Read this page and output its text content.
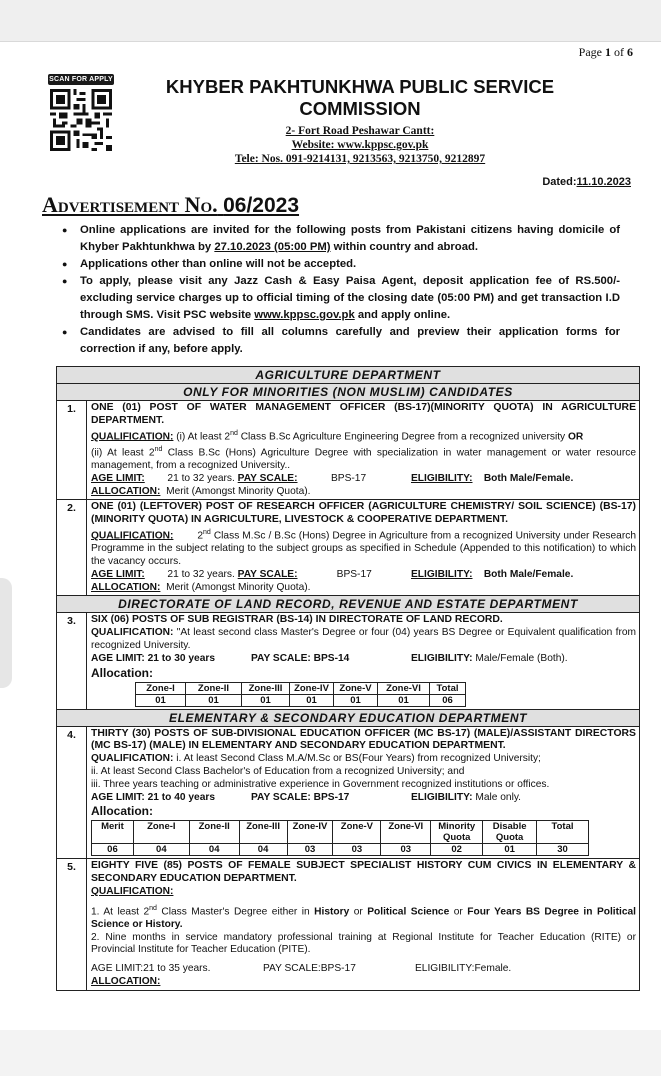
Page 1 of 6
SCAN FOR APPLY	KHYBER PAKHTUNKHWA PUBLIC SERVICE
COMMISSION
2- Fort Road Peshawar Cantt:
Website: www.kppsc.gov.pk
Tele: Nos. 091-9214131, 9213563, 9213750, 9212897
Dated:11.10.2023
Advertisement No. 06/2023
● Online applications are invited for the following posts from Pakistani citizens having domicile of Khyber Pakhtunkhwa by 27.10.2023 (05:00 PM) within country and abroad.
● Applications other than online will not be accepted.
● To apply, please visit any Jazz Cash & Easy Paisa Agent, deposit application fee of RS.500/- excluding service charges up to official timing of the closing date (05:00 PM) and get transaction I.D through SMS. Visit PSC website www.kppsc.gov.pk and apply online.
● Candidates are advised to fill all columns carefully and preview their application forms for correction if any, before apply.
AGRICULTURE DEPARTMENT
ONLY FOR MINORITIES (NON MUSLIM) CANDIDATES
1.	ONE (01) POST OF WATER MANAGEMENT OFFICER (BS-17)(MINORITY QUOTA) IN AGRICULTURE DEPARTMENT.
QUALIFICATION: (i) At least 2nd Class B.Sc Agriculture Engineering Degree from a recognized university OR
(ii) At least 2nd Class B.Sc (Hons) Agriculture Degree with specialization in water management or water resource management, from a recognized University..
AGE LIMIT: 21 to 32 years. PAY SCALE:	BPS-17	ELIGIBILITY: Both Male/Female.
ALLOCATION: Merit (Amongst Minority Quota).

2.	ONE (01) (LEFTOVER) POST OF RESEARCH OFFICER (AGRICULTURE CHEMISTRY/ SOIL SCIENCE) (BS-17)(MINORITY QUOTA) IN AGRICULTURE, LIVESTOCK & COOPERATIVE DEPARTMENT.
QUALIFICATION: 2nd Class M.Sc / B.Sc (Hons) Degree in Agriculture from a recognized University under Research Programme in the subject relating to the subject groups as specified in Schedule (Appended to this notification) to which the vacancy occurs.
AGE LIMIT: 21 to 32 years. PAY SCALE:	BPS-17	ELIGIBILITY: Both Male/Female.
ALLOCATION: Merit (Amongst Minority Quota).

DIRECTORATE OF LAND RECORD, REVENUE AND ESTATE DEPARTMENT
3.	SIX (06) POSTS OF SUB REGISTRAR (BS-14) IN DIRECTORATE OF LAND RECORD.
QUALIFICATION: "At least second class Master's Degree or four (04) years BS Degree or Equivalent qualification from recognized University.
AGE LIMIT: 21 to 30 years	PAY SCALE: BPS-14	ELIGIBILITY: Male/Female (Both).
Allocation:
Zone-I	Zone-II	Zone-III	Zone-IV	Zone-V	Zone-VI	Total
01	01	01	01	01	01	06

ELEMENTARY & SECONDARY EDUCATION DEPARTMENT
4.	THIRTY (30) POSTS OF SUB-DIVISIONAL EDUCATION OFFICER (MC BS-17) (MALE)/ASSISTANT DIRECTORS (MC BS-17) (MALE) IN ELEMENTARY AND SECONDARY EDUCATION DEPARTMENT.
QUALIFICATION: i. At least Second Class M.A/M.Sc or BS(Four Years) from recognized University;
ii. At least Second Class Bachelor's of Education from a recognized University; and
iii. Three years teaching or administrative experience in Government recognized institutions or offices.
AGE LIMIT: 21 to 40 years	PAY SCALE: BPS-17	ELIGIBILITY: Male only.
Allocation:
Merit	Zone-I	Zone-II	Zone-III	Zone-IV	Zone-V	Zone-VI	Minority Quota	Disable Quota	Total
06	04	04	04	03	03	03	02	01	30

5.	EIGHTY FIVE (85) POSTS OF FEMALE SUBJECT SPECIALIST HISTORY CUM CIVICS IN ELEMENTARY & SECONDARY EDUCATION DEPARTMENT.
QUALIFICATION:
1. At least 2nd Class Master's Degree either in History or Political Science or Four Years BS Degree in Political Science or History.
2. Nine months in service mandatory professional training at Regional Institute for Teacher Education (RITE) or Provincial Institute for Teacher Education (PITE).
AGE LIMIT:21 to 35 years.	PAY SCALE:BPS-17	ELIGIBILITY:Female.
ALLOCATION:
